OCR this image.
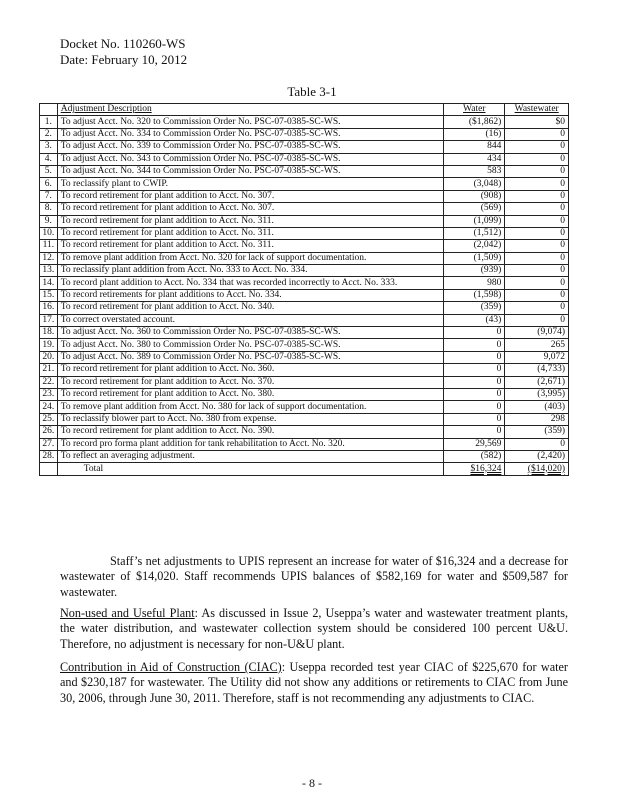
Docket No. 110260-WS
Date: February 10, 2012
Table 3-1
	Adjustment Description	Water	Wastewater
1.	To adjust Acct. No. 320 to Commission Order No. PSC-07-0385-SC-WS.	($1,862)	$0
2.	To adjust Acct. No. 334 to Commission Order No. PSC-07-0385-SC-WS.	(16)	0
3.	To adjust Acct. No. 339 to Commission Order No. PSC-07-0385-SC-WS.	844	0
4.	To adjust Acct. No. 343 to Commission Order No. PSC-07-0385-SC-WS.	434	0
5.	To adjust Acct. No. 344 to Commission Order No. PSC-07-0385-SC-WS.	583	0
6.	To reclassify plant to CWIP.	(3,048)	0
7.	To record retirement for plant addition to Acct. No. 307.	(908)	0
8.	To record retirement for plant addition to Acct. No. 307.	(569)	0
9.	To record retirement for plant addition to Acct. No. 311.	(1,099)	0
10.	To record retirement for plant addition to Acct. No. 311.	(1,512)	0
11.	To record retirement for plant addition to Acct. No. 311.	(2,042)	0
12.	To remove plant addition from Acct. No. 320 for lack of support documentation.	(1,509)	0
13.	To reclassify plant addition from Acct. No. 333 to Acct. No. 334.	(939)	0
14.	To record plant addition to Acct. No. 334 that was recorded incorrectly to Acct. No. 333.	980	0
15.	To record retirements for plant additions to Acct. No. 334.	(1,598)	0
16.	To record retirement for plant addition to Acct. No. 340.	(359)	0
17.	To correct overstated account.	(43)	0
18.	To adjust Acct. No. 360 to Commission Order No. PSC-07-0385-SC-WS.	0	(9,074)
19.	To adjust Acct. No. 380 to Commission Order No. PSC-07-0385-SC-WS.	0	265
20.	To adjust Acct. No. 389 to Commission Order No. PSC-07-0385-SC-WS.	0	9,072
21.	To record retirement for plant addition to Acct. No. 360.	0	(4,733)
22.	To record retirement for plant addition to Acct. No. 370.	0	(2,671)
23.	To record retirement for plant addition to Acct. No. 380.	0	(3,995)
24.	To remove plant addition from Acct. No. 380 for lack of support documentation.	0	(403)
25.	To reclassify blower part to Acct. No. 380 from expense.	0	298
26.	To record retirement for plant addition to Acct. No. 390.	0	(359)
27.	To record pro forma plant addition for tank rehabilitation to Acct. No. 320.	29,569	0
28.	To reflect an averaging adjustment.	(582)	(2,420)
	Total	$16,324	($14,020)
Staff’s net adjustments to UPIS represent an increase for water of $16,324 and a decrease for wastewater of $14,020. Staff recommends UPIS balances of $582,169 for water and $509,587 for wastewater.
Non-used and Useful Plant: As discussed in Issue 2, Useppa’s water and wastewater treatment plants, the water distribution, and wastewater collection system should be considered 100 percent U&U. Therefore, no adjustment is necessary for non-U&U plant.
Contribution in Aid of Construction (CIAC): Useppa recorded test year CIAC of $225,670 for water and $230,187 for wastewater. The Utility did not show any additions or retirements to CIAC from June 30, 2006, through June 30, 2011. Therefore, staff is not recommending any adjustments to CIAC.
- 8 -
